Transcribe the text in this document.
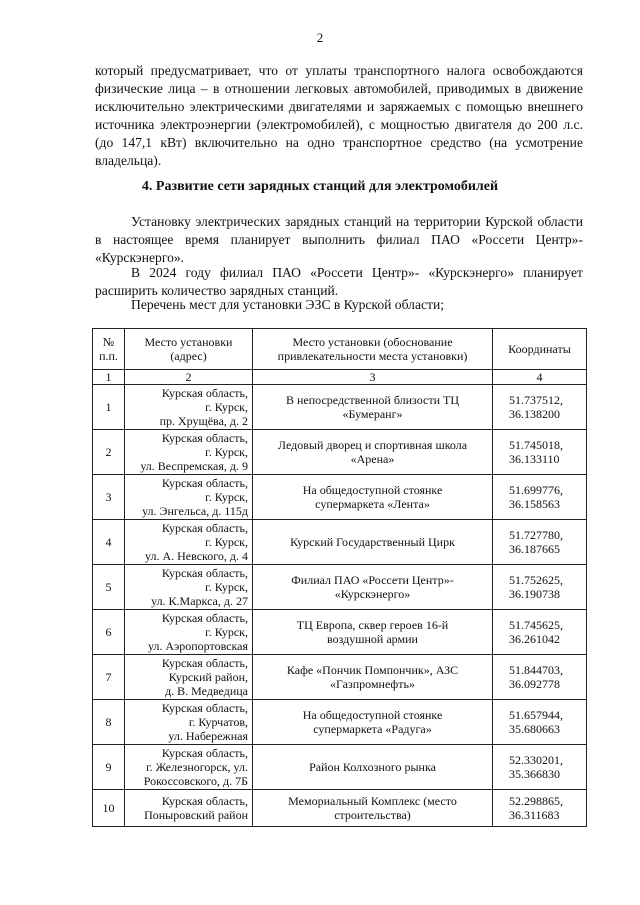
2

который предусматривает, что от уплаты транспортного налога освобождаются физические лица – в отношении легковых автомобилей, приводимых в движение исключительно электрическими двигателями и заряжаемых с помощью внешнего источника электроэнергии (электромобилей), с мощностью двигателя до 200 л.с. (до 147,1 кВт) включительно на одно транспортное средство (на усмотрение владельца).

4. Развитие сети зарядных станций для электромобилей

Установку электрических зарядных станций на территории Курской области в настоящее время планирует выполнить филиал ПАО «Россети Центр»- «Курскэнерго».

В 2024 году филиал ПАО «Россети Центр»- «Курскэнерго» планирует расширить количество зарядных станций.

Перечень мест для установки ЭЗС в Курской области;

№
п.п.	Место установки
(адрес)	Место установки (обоснование
привлекательности места установки)	Координаты
1	2	3	4
1	Курская область,
г. Курск,
пр. Хрущёва, д. 2	В непосредственной близости ТЦ
«Бумеранг»	51.737512,
36.138200

2	Курская область,
г. Курск,
ул. Веспремская, д. 9	Ледовый дворец и спортивная школа
«Арена»	51.745018,
36.133110

3	Курская область,
г. Курск,
ул. Энгельса, д. 115д	На общедоступной стоянке
супермаркета «Лента»	51.699776,
36.158563

4	Курская область,
г. Курск,
ул. А. Невского, д. 4	Курский Государственный Цирк	51.727780,
36.187665

5	Курская область,
г. Курск,
ул. К.Маркса, д. 27	Филиал ПАО «Россети Центр»-
«Курскэнерго»	51.752625,
36.190738

6	Курская область,
г. Курск,
ул. Аэропортовская	ТЦ Европа, сквер героев 16-й
воздушной армии	51.745625,
36.261042

7	Курская область,
Курский район,
д. В. Медведица	Кафе «Пончик Помпончик», АЗС
«Газпромнефть»	51.844703,
36.092778

8	Курская область,
г. Курчатов,
ул. Набережная	На общедоступной стоянке
супермаркета «Радуга»	51.657944,
35.680663

9	Курская область,
г. Железногорск, ул.
Рокоссовского, д. 7Б	Район Колхозного рынка	52.330201,
35.366830

10	Курская область,
Поныровский район	Мемориальный Комплекс (место
строительства)	52.298865,
36.311683
